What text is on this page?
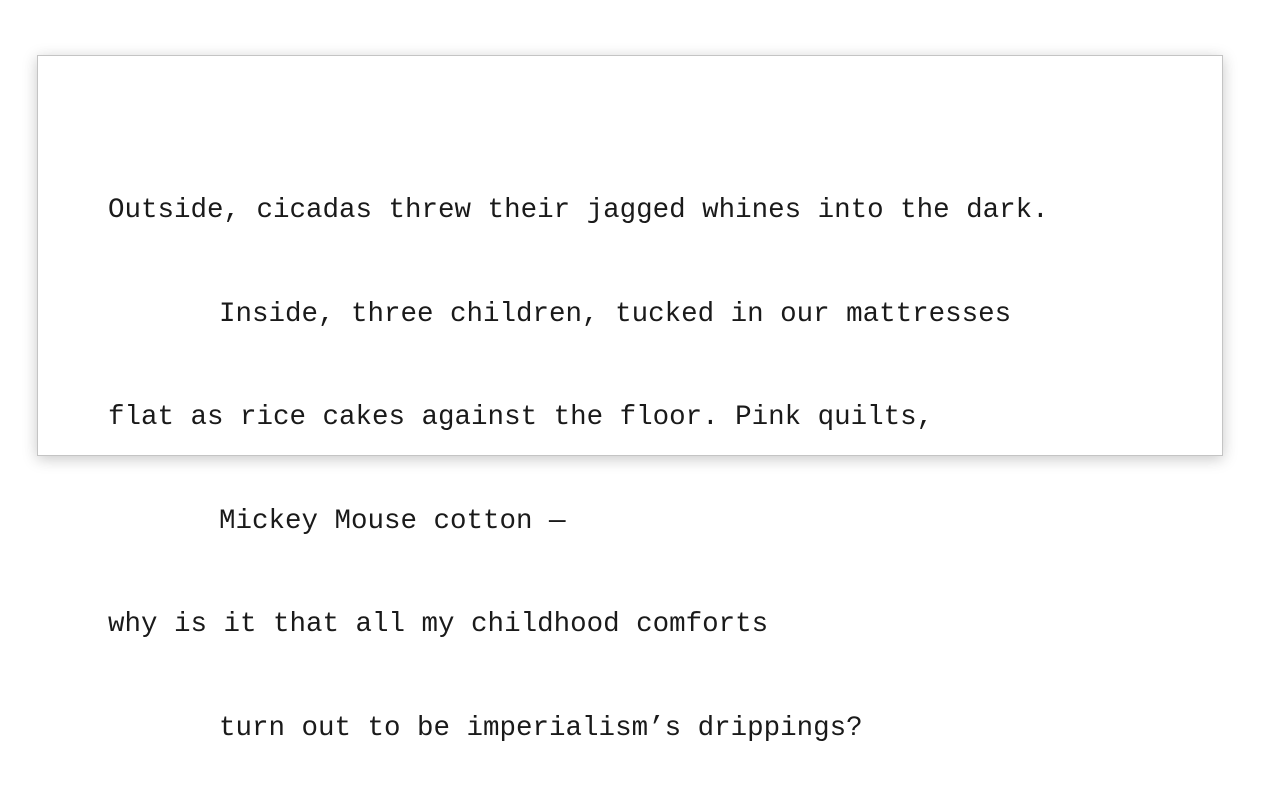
Outside, cicadas threw their jagged whines into the dark.

Inside, three children, tucked in our mattresses

flat as rice cakes against the floor. Pink quilts,

Mickey Mouse cotton —

why is it that all my childhood comforts

turn out to be imperialism’s drippings?
